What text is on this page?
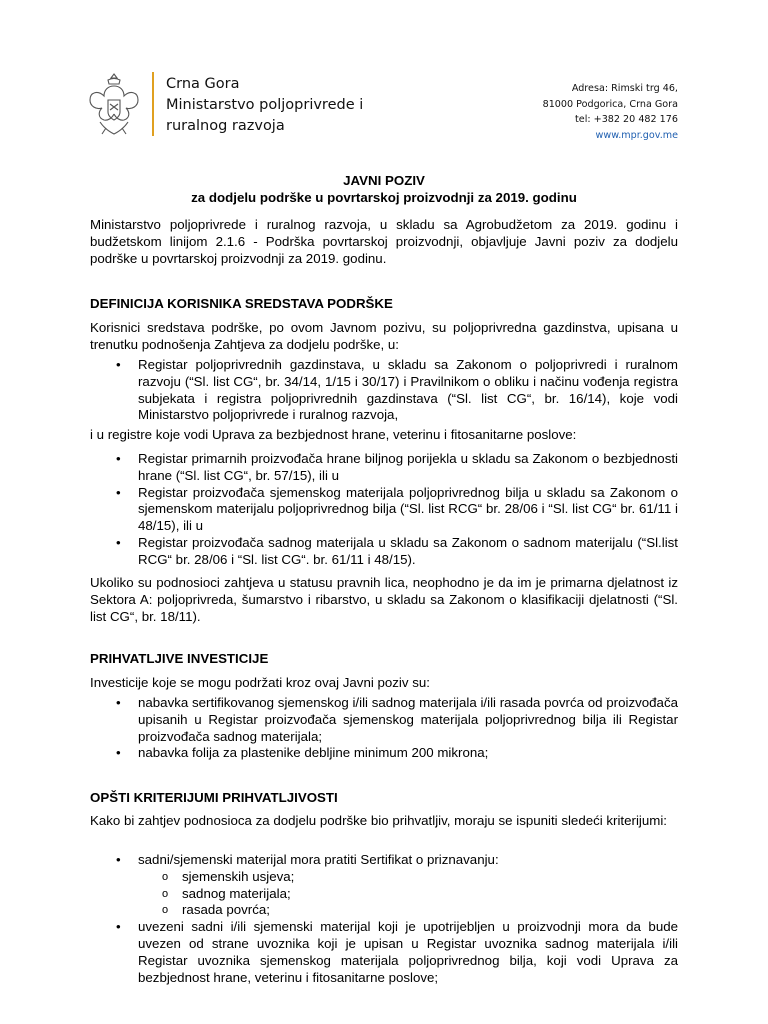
Crna Gora
Ministarstvo poljoprivrede i
ruralnog razvoja
Adresa: Rimski trg 46,
81000 Podgorica, Crna Gora
tel: +382 20 482 176
www.mpr.gov.me
JAVNI POZIV
za dodjelu podrške u povrtarskoj proizvodnji za 2019. godinu
Ministarstvo poljoprivrede i ruralnog razvoja, u skladu sa Agrobudžetom za 2019. godinu i budžetskom linijom 2.1.6 - Podrška povrtarskoj proizvodnji, objavljuje Javni poziv za dodjelu podrške u povrtarskoj proizvodnji za 2019. godinu.
DEFINICIJA KORISNIKA SREDSTAVA PODRŠKE
Korisnici sredstava podrške, po ovom Javnom pozivu, su poljoprivredna gazdinstva, upisana u trenutku podnošenja Zahtjeva za dodjelu podrške, u:
• Registar poljoprivrednih gazdinstava, u skladu sa Zakonom o poljoprivredi i ruralnom razvoju (“Sl. list CG“, br. 34/14, 1/15 i 30/17) i Pravilnikom o obliku i načinu vođenja registra subjekata i registra poljoprivrednih gazdinstava (“Sl. list CG“, br. 16/14), koje vodi Ministarstvo poljoprivrede i ruralnog razvoja,
i u registre koje vodi Uprava za bezbjednost hrane, veterinu i fitosanitarne poslove:
• Registar primarnih proizvođača hrane biljnog porijekla u skladu sa Zakonom o bezbjednosti hrane (“Sl. list CG“, br. 57/15), ili u
• Registar proizvođača sjemenskog materijala poljoprivrednog bilja u skladu sa Zakonom o sjemenskom materijalu poljoprivrednog bilja (“Sl. list RCG“ br. 28/06 i “Sl. list CG“ br. 61/11 i 48/15), ili u
• Registar proizvođača sadnog materijala u skladu sa Zakonom o sadnom materijalu (“Sl.list RCG“ br. 28/06 i “Sl. list CG“. br. 61/11 i 48/15).
Ukoliko su podnosioci zahtjeva u statusu pravnih lica, neophodno je da im je primarna djelatnost iz Sektora A: poljoprivreda, šumarstvo i ribarstvo, u skladu sa Zakonom o klasifikaciji djelatnosti (“Sl. list CG“, br. 18/11).
PRIHVATLJIVE INVESTICIJE
Investicije koje se mogu podržati kroz ovaj Javni poziv su:
• nabavka sertifikovanog sjemenskog i/ili sadnog materijala i/ili rasada povrća od proizvođača upisanih u Registar proizvođača sjemenskog materijala poljoprivrednog bilja ili Registar proizvođača sadnog materijala;
• nabavka folija za plastenike debljine minimum 200 mikrona;
OPŠTI KRITERIJUMI PRIHVATLJIVOSTI
Kako bi zahtjev podnosioca za dodjelu podrške bio prihvatljiv, moraju se ispuniti sledeći kriterijumi:
• sadni/sjemenski materijal mora pratiti Sertifikat o priznavanju:
o sjemenskih usjeva;
o sadnog materijala;
o rasada povrća;
• uvezeni sadni i/ili sjemenski materijal koji je upotrijebljen u proizvodnji mora da bude uvezen od strane uvoznika koji je upisan u Registar uvoznika sadnog materijala i/ili Registar uvoznika sjemenskog materijala poljoprivrednog bilja, koji vodi Uprava za bezbjednost hrane, veterinu i fitosanitarne poslove;
